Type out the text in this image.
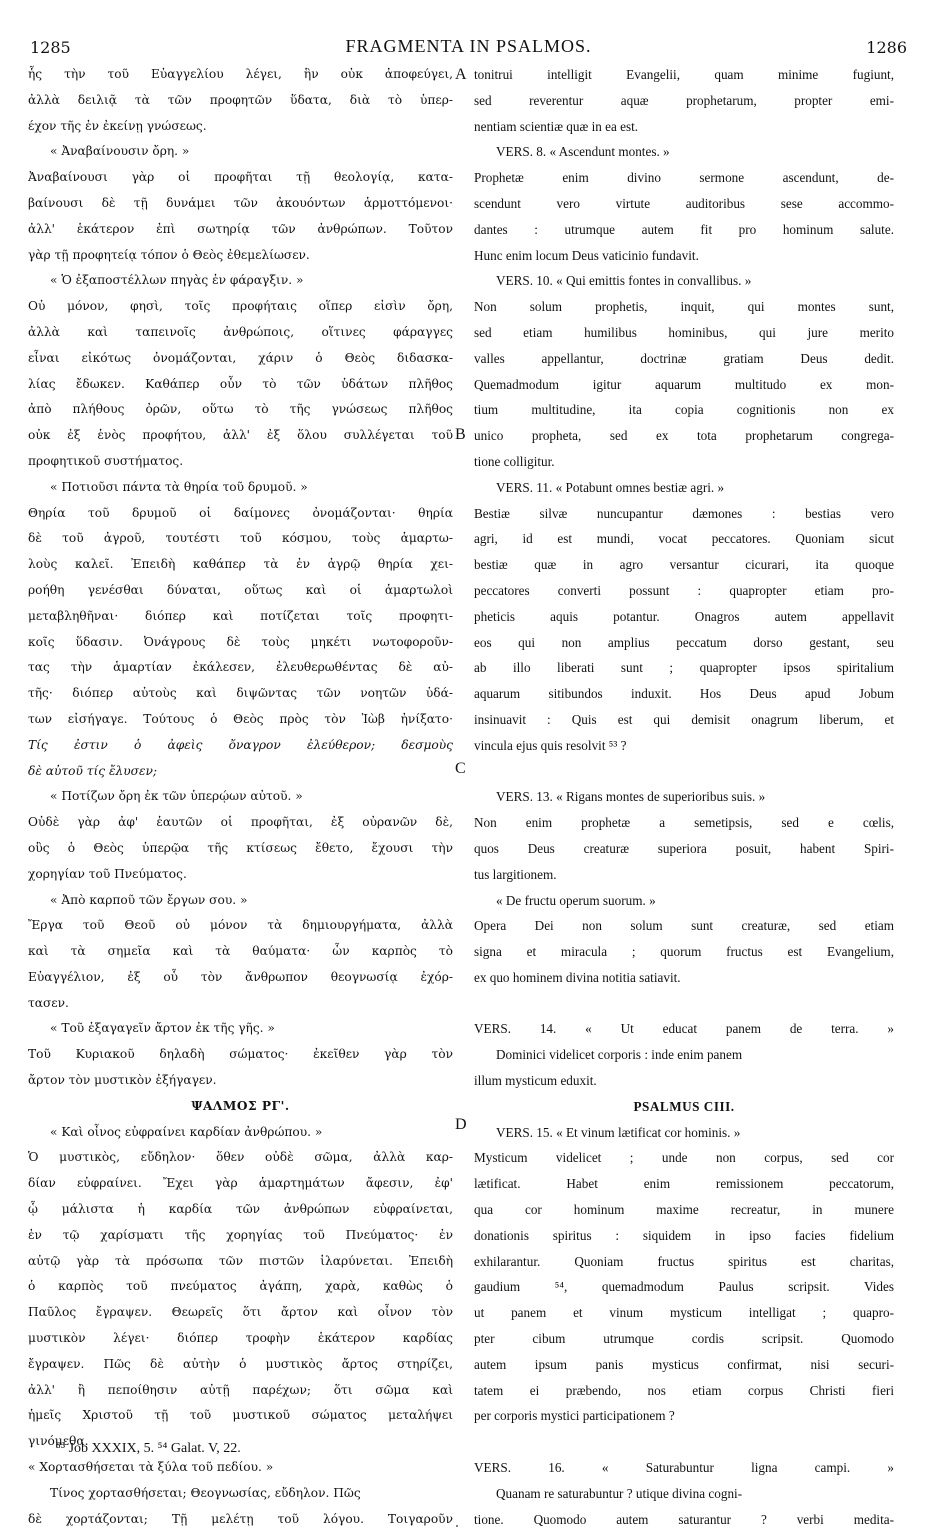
1285	FRAGMENTA IN PSALMOS.	1286
ἧς τὴν τοῦ Εὐαγγελίου λέγει, ἣν οὐκ ἀποφεύγει,
ἀλλὰ δειλιᾷ τὰ τῶν προφητῶν ὕδατα, διὰ τὸ ὑπερ-
έχον τῆς ἐν ἐκείνῃ γνώσεως.
« Ἀναβαίνουσιν ὄρη. »
Ἀναβαίνουσι γὰρ οἱ προφῆται τῇ θεολογίᾳ, κατα-
βαίνουσι δὲ τῇ δυνάμει τῶν ἀκουόντων ἁρμοττόμενοι·
ἀλλ' ἑκάτερον ἐπὶ σωτηρίᾳ τῶν ἀνθρώπων. Τοῦτον
γὰρ τῇ προφητείᾳ τόπον ὁ Θεὸς ἐθεμελίωσεν.
« Ὁ ἐξαποστέλλων πηγὰς ἐν φάραγξιν. »
Οὐ μόνον, φησὶ, τοῖς προφήταις οἵπερ εἰσὶν ὄρη,
ἀλλὰ καὶ ταπεινοῖς ἀνθρώποις, οἵτινες φάραγγες
εἶναι εἰκότως ὀνομάζονται, χάριν ὁ Θεὸς διδασκα-
λίας ἔδωκεν. Καθάπερ οὖν τὸ τῶν ὑδάτων πλῆθος
ἀπὸ πλήθους ὀρῶν, οὕτω τὸ τῆς γνώσεως πλῆθος
οὐκ ἐξ ἑνὸς προφήτου, ἀλλ' ἐξ ὅλου συλλέγεται τοῦ
προφητικοῦ συστήματος.
« Ποτιοῦσι πάντα τὰ θηρία τοῦ δρυμοῦ. »
Θηρία τοῦ δρυμοῦ οἱ δαίμονες ὀνομάζονται· θηρία
δὲ τοῦ ἀγροῦ, τουτέστι τοῦ κόσμου, τοὺς ἁμαρτω-
λοὺς καλεῖ. Ἐπειδὴ καθάπερ τὰ ἐν ἀγρῷ θηρία χει-
ροήθη γενέσθαι δύναται, οὕτως καὶ οἱ ἁμαρτωλοὶ
μεταβληθῆναι· διόπερ καὶ ποτίζεται τοῖς προφητι-
κοῖς ὕδασιν. Ὀνάγρους δὲ τοὺς μηκέτι νωτοφοροῦν-
τας τὴν ἁμαρτίαν ἐκάλεσεν, ἐλευθερωθέντας δὲ αὐ-
τῆς· διόπερ αὐτοὺς καὶ διψῶντας τῶν νοητῶν ὑδά-
των εἰσήγαγε. Τούτους ὁ Θεὸς πρὸς τὸν Ἰὼβ ἠνίξατο·
Τίς ἐστιν ὁ ἀφεὶς ὄναγρον ἐλεύθερον; δεσμοὺς
δὲ αὐτοῦ τίς ἔλυσεν;
« Ποτίζων ὄρη ἐκ τῶν ὑπερῴων αὐτοῦ. »
Οὐδὲ γὰρ ἀφ' ἑαυτῶν οἱ προφῆται, ἐξ οὐρανῶν δὲ,
οὓς ὁ Θεὸς ὑπερῷα τῆς κτίσεως ἔθετο, ἔχουσι τὴν
χορηγίαν τοῦ Πνεύματος.
« Ἀπὸ καρποῦ τῶν ἔργων σου. »
Ἔργα τοῦ Θεοῦ οὐ μόνον τὰ δημιουργήματα, ἀλλὰ
καὶ τὰ σημεῖα καὶ τὰ θαύματα· ὧν καρπὸς τὸ
Εὐαγγέλιον, ἐξ οὗ τὸν ἄνθρωπον θεογνωσίᾳ ἐχόρ-
τασεν.
« Τοῦ ἐξαγαγεῖν ἄρτον ἐκ τῆς γῆς. »
Τοῦ Κυριακοῦ δηλαδὴ σώματος· ἐκεῖθεν γὰρ τὸν
ἄρτον τὸν μυστικὸν ἐξήγαγεν.
ΨΑΛΜΟΣ ΡΓ'.
« Καὶ οἶνος εὐφραίνει καρδίαν ἀνθρώπου. »
Ὁ μυστικὸς, εὔδηλον· ὅθεν οὐδὲ σῶμα, ἀλλὰ καρ-
δίαν εὐφραίνει. Ἔχει γὰρ ἁμαρτημάτων ἄφεσιν, ἐφ'
ᾧ μάλιστα ἡ καρδία τῶν ἀνθρώπων εὐφραίνεται,
ἐν τῷ χαρίσματι τῆς χορηγίας τοῦ Πνεύματος· ἐν
αὐτῷ γὰρ τὰ πρόσωπα τῶν πιστῶν ἱλαρύνεται. Ἐπειδὴ
ὁ καρπὸς τοῦ πνεύματος ἀγάπη, χαρὰ, καθὼς ὁ
Παῦλος ἔγραψεν. Θεωρεῖς ὅτι ἄρτον καὶ οἶνον τὸν
μυστικὸν λέγει· διόπερ τροφὴν ἑκάτερον καρδίας
ἔγραψεν. Πῶς δὲ αὐτὴν ὁ μυστικὸς ἄρτος στηρίζει,
ἀλλ' ἢ πεποίθησιν αὐτῇ παρέχων; ὅτι σῶμα καὶ
ἡμεῖς Χριστοῦ τῇ τοῦ μυστικοῦ σώματος μεταλήψει
γινόμεθα.
« Χορτασθήσεται τὰ ξύλα τοῦ πεδίου. »
Τίνος χορτασθήσεται; Θεογνωσίας, εὔδηλον. Πῶς
δὲ χορτάζονται; Τῇ μελέτῃ τοῦ λόγου. Τοιγαροῦν
tonitrui intelligit Evangelii, quam minime fugiunt,
sed reverentur aquæ prophetarum, propter emi-
nentiam scientiæ quæ in ea est.
VERS. 8. « Ascendunt montes. »
Prophetæ enim divino sermone ascendunt, de-
scendunt vero virtute auditoribus sese accommo-
dantes : utrumque autem fit pro hominum salute.
Hunc enim locum Deus vaticinio fundavit.
VERS. 10. « Qui emittis fontes in convallibus. »
Non solum prophetis, inquit, qui montes sunt,
sed etiam humilibus hominibus, qui jure merito
valles appellantur, doctrinæ gratiam Deus dedit.
Quemadmodum igitur aquarum multitudo ex mon-
tium multitudine, ita copia cognitionis non ex
unico propheta, sed ex tota prophetarum congrega-
tione colligitur.
VERS. 11. « Potabunt omnes bestiæ agri. »
Bestiæ silvæ nuncupantur dæmones : bestias vero
agri, id est mundi, vocat peccatores. Quoniam sicut
bestiæ quæ in agro versantur cicurari, ita quoque
peccatores converti possunt : quapropter etiam pro-
pheticis aquis potantur. Onagros autem appellavit
eos qui non amplius peccatum dorso gestant, seu
ab illo liberati sunt ; quapropter ipsos spiritalium
aquarum sitibundos induxit. Hos Deus apud Jobum
insinuavit : Quis est qui demisit onagrum liberum, et
vincula ejus quis resolvit ⁵³ ?
VERS. 13. « Rigans montes de superioribus suis. »
Non enim prophetæ a semetipsis, sed e cœlis,
quos Deus creaturæ superiora posuit, habent Spiri-
tus largitionem.
« De fructu operum suorum. »
Opera Dei non solum sunt creaturæ, sed etiam
signa et miracula ; quorum fructus est Evangelium,
ex quo hominem divina notitia satiavit.
VERS. 14. « Ut educat panem de terra. »
Dominici videlicet corporis : inde enim panem
illum mysticum eduxit.
PSALMUS CIII.
VERS. 15. « Et vinum lætificat cor hominis. »
Mysticum videlicet ; unde non corpus, sed cor
lætificat. Habet enim remissionem peccatorum,
qua cor hominum maxime recreatur, in munere
donationis spiritus : siquidem in ipso facies fidelium
exhilarantur. Quoniam fructus spiritus est charitas,
gaudium ⁵⁴, quemadmodum Paulus scripsit. Vides
ut panem et vinum mysticum intelligat ; quapro-
pter cibum utrumque cordis scripsit. Quomodo
autem ipsum panis mysticus confirmat, nisi securi-
tatem ei præbendo, nos etiam corpus Christi fieri
per corporis mystici participationem ?
VERS. 16. « Saturabuntur ligna campi. »
Quanam re saturabuntur ? utique divina cogni-
tione. Quomodo autem saturantur ? verbi medita-
A
B
C
D
⁵³ Job XXXIX, 5. ⁵⁴ Galat. V, 22.
